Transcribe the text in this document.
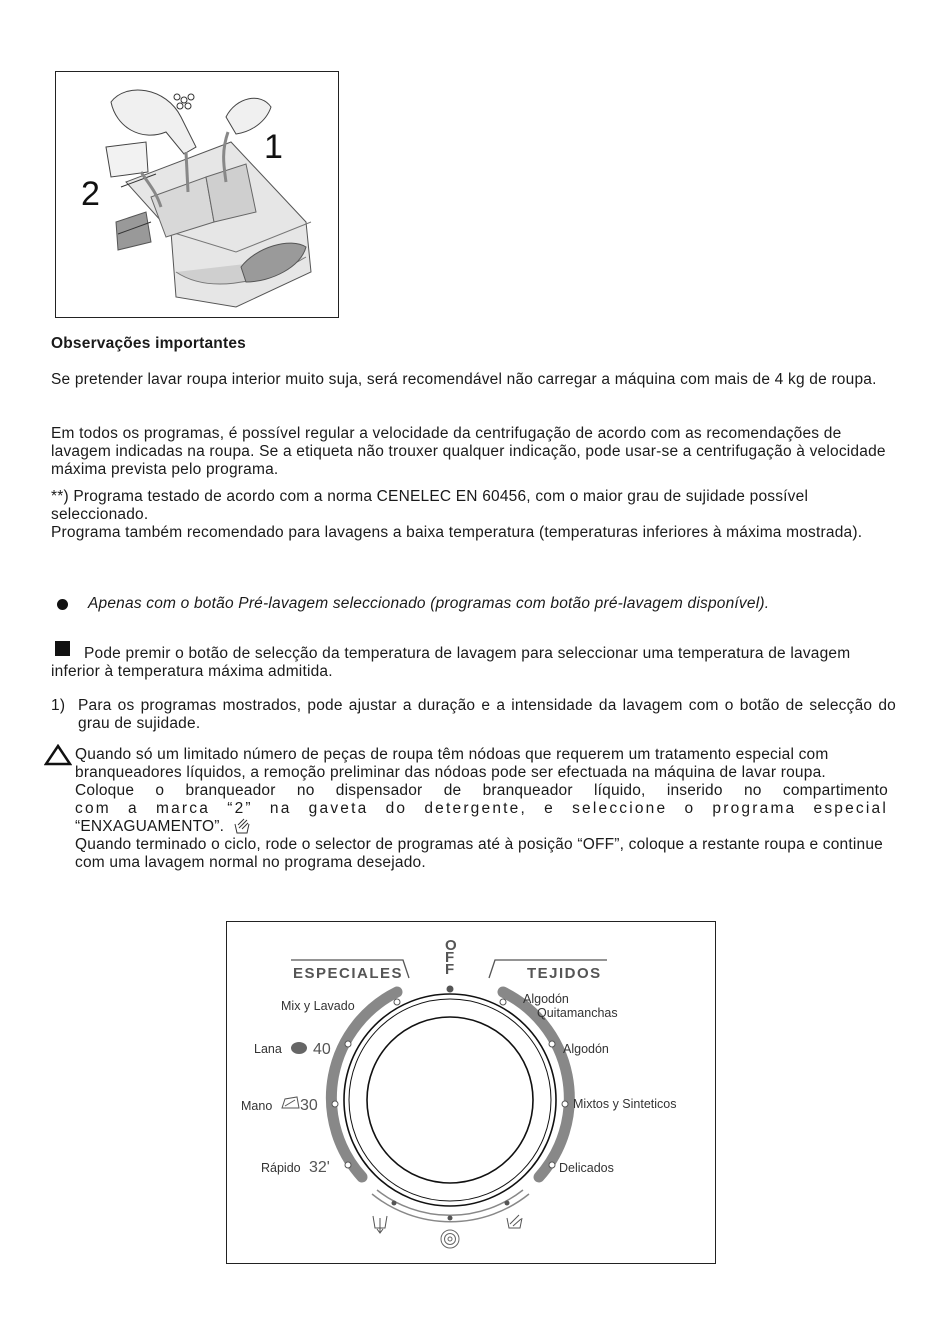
1
2
Observações importantes
Se pretender lavar roupa interior muito suja, será recomendável não carregar a máquina com mais de 4 kg de roupa.
Em todos os programas, é possível regular a velocidade da centrifugação de acordo com as recomendações de lavagem indicadas na roupa. Se a etiqueta não trouxer qualquer indicação, pode usar-se a centrifugação à velocidade máxima prevista pelo programa.
**) Programa testado de acordo com a norma CENELEC EN 60456, com o maior grau de sujidade possível seleccionado.
Programa também recomendado para lavagens a baixa temperatura (temperaturas inferiores à máxima mostrada).
Apenas com o botão Pré-lavagem seleccionado (programas com botão pré-lavagem disponível).
Pode premir o botão de selecção da temperatura de lavagem para seleccionar uma temperatura de lavagem inferior à temperatura máxima admitida.
1) Para os programas mostrados, pode ajustar a duração e a intensidade da lavagem com o botão de selecção do grau de sujidade.
Quando só um limitado número de peças de roupa têm nódoas que requerem um tratamento especial com branqueadores líquidos, a remoção preliminar das nódoas pode ser efectuada na máquina de lavar roupa.
Coloque o branqueador no dispensador de branqueador líquido, inserido no compartimento
com a marca “2” na gaveta do detergente, e seleccione o programa especial
“ENXAGUAMENTO”.
Quando terminado o ciclo, rode o selector de programas até à posição “OFF”, coloque a restante roupa e continue com uma lavagem normal no programa desejado.
O
F
F
ESPECIALES	TEJIDOS
Mix y Lavado
Lana 40
Mano 30
Rápido 32'
Algodón
Quitamanchas
Algodón
Mixtos y Sinteticos
Delicados
